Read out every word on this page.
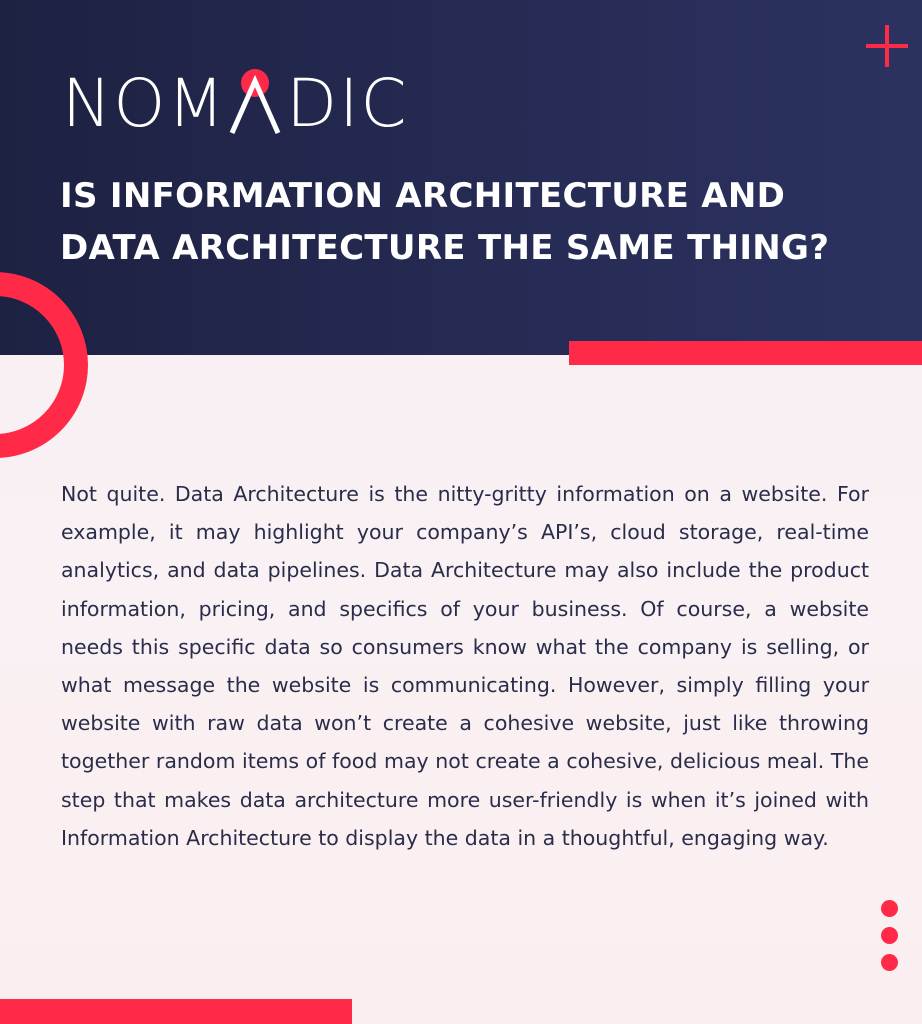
NOM DIC
IS INFORMATION ARCHITECTURE AND DATA ARCHITECTURE THE SAME THING?

Not quite. Data Architecture is the nitty-gritty information on a website. For example, it may highlight your company’s API’s, cloud storage, real-time analytics, and data pipelines. Data Architecture may also include the product information, pricing, and specifics of your business. Of course, a website needs this specific data so consumers know what the company is selling, or what message the website is communicating. However, simply filling your website with raw data won’t create a cohesive website, just like throwing together random items of food may not create a cohesive, delicious meal. The step that makes data architecture more user-friendly is when it’s joined with Information Architecture to display the data in a thoughtful, engaging way.
